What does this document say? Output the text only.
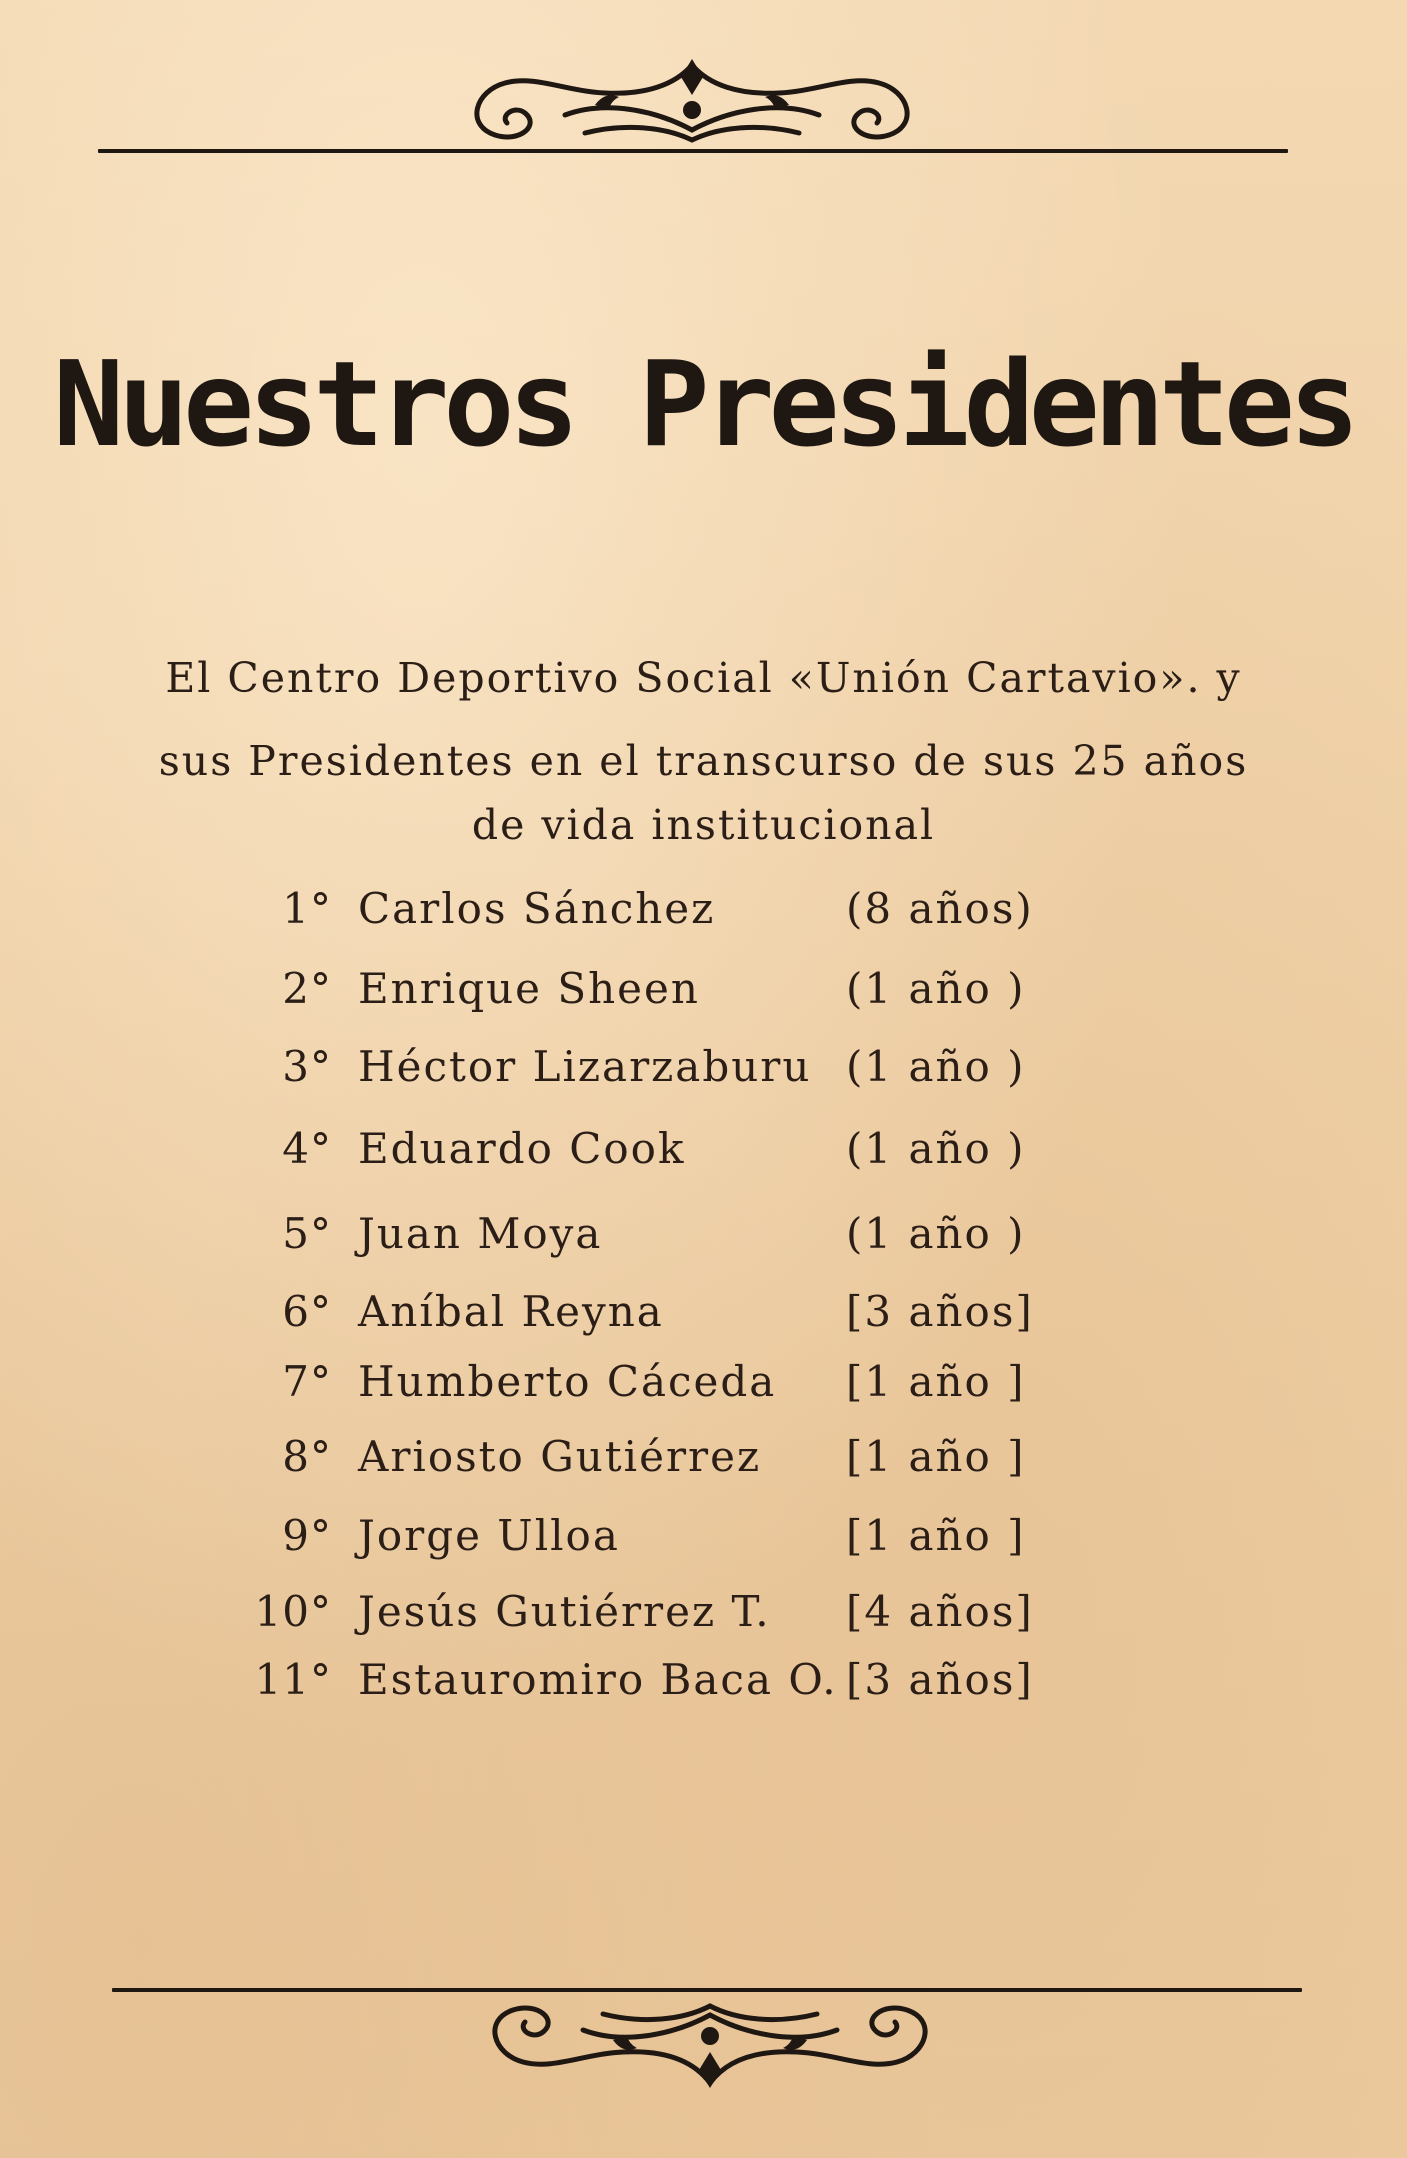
Nuestros Presidentes
El Centro Deportivo Social «Unión Cartavio». y
sus Presidentes en el transcurso de sus 25 años
de vida institucional
1° Carlos Sánchez	(8 años)
2° Enrique Sheen	(1 año )
3° Héctor Lizarzaburu (1 año )
4° Eduardo Cook	(1 año )
5° Juan Moya	(1 año )
6° Aníbal Reyna	[3 años]
7° Humberto Cáceda [1 año ]
8° Ariosto Gutiérrez [1 año ]
9° Jorge Ulloa	[1 año ]
10° Jesús Gutiérrez T. [4 años]
11° Estauromiro Baca O. [3 años]
